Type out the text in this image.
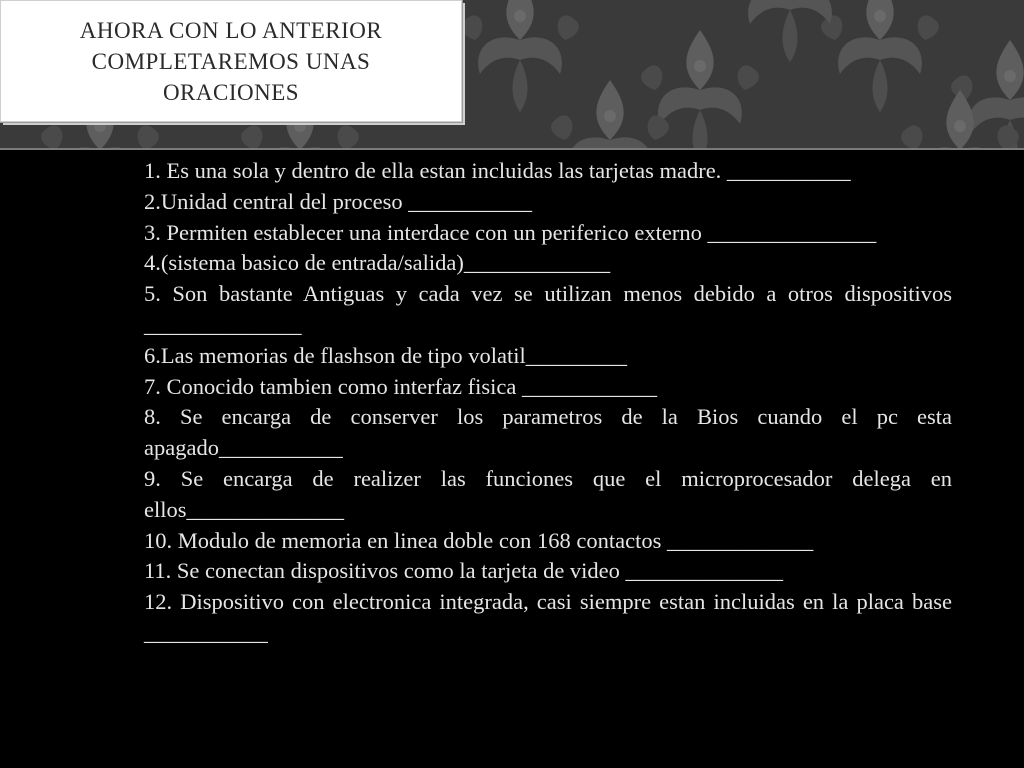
AHORA CON LO ANTERIOR COMPLETAREMOS UNAS ORACIONES

1. Es una sola y dentro de ella estan incluidas las tarjetas madre. ___________

2.Unidad central del proceso ___________

3. Permiten establecer una interdace con un periferico externo _______________

4.(sistema basico de entrada/salida)_____________

5. Son bastante Antiguas y cada vez se utilizan menos debido a otros dispositivos ______________

6.Las memorias de flashson de tipo volatil_________

7. Conocido tambien como interfaz fisica ____________

8. Se encarga de conserver los parametros de la Bios cuando el pc esta apagado___________

9. Se encarga de realizer las funciones que el microprocesador delega en ellos______________

10. Modulo de memoria en linea doble con 168 contactos _____________

11. Se conectan dispositivos como la tarjeta de video ______________

12. Dispositivo con electronica integrada, casi siempre estan incluidas en la placa base ___________
